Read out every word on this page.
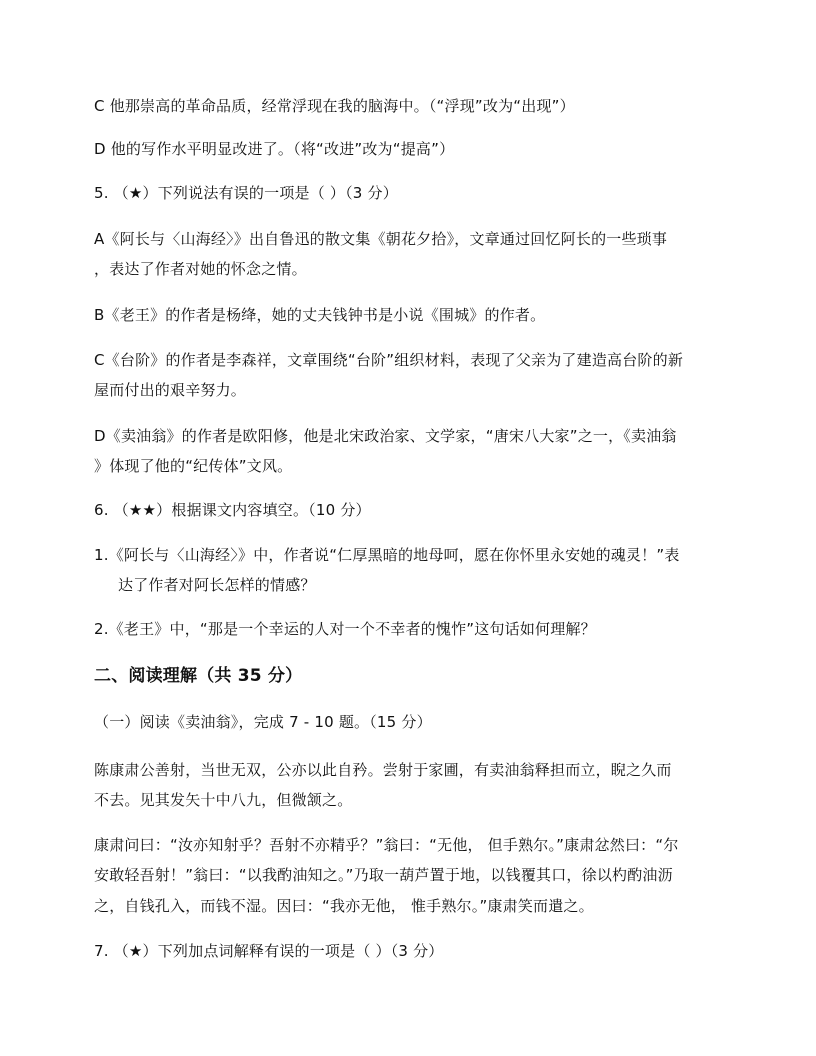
C 他那崇高的革命品质，经常浮现在我的脑海中。（“浮现”改为“出现”）
D 他的写作水平明显改进了。（将“改进”改为“提高”）
5. （★）下列说法有误的一项是（ ）（3 分）
A《阿长与〈山海经〉》出自鲁迅的散文集《朝花夕拾》，文章通过回忆阿长的一些琐事
，表达了作者对她的怀念之情。
B《老王》的作者是杨绛，她的丈夫钱钟书是小说《围城》的作者。
C《台阶》的作者是李森祥，文章围绕“台阶”组织材料，表现了父亲为了建造高台阶的新
屋而付出的艰辛努力。
D《卖油翁》的作者是欧阳修，他是北宋政治家、文学家，“唐宋八大家”之一，《卖油翁
》体现了他的“纪传体”文风。
6. （★★）根据课文内容填空。（10 分）
1.《阿长与〈山海经〉》中，作者说“仁厚黑暗的地母呵，愿在你怀里永安她的魂灵！”表
达了作者对阿长怎样的情感？
2.《老王》中，“那是一个幸运的人对一个不幸者的愧怍”这句话如何理解？
二、阅读理解（共 35 分）
（一）阅读《卖油翁》，完成 7 - 10 题。（15 分）
陈康肃公善射，当世无双，公亦以此自矜。尝射于家圃，有卖油翁释担而立，睨之久而
不去。见其发矢十中八九，但微颔之。
康肃问曰：“汝亦知射乎？吾射不亦精乎？”翁曰：“无他， 但手熟尔。”康肃忿然曰：“尔
安敢轻吾射！”翁曰：“以我酌油知之。”乃取一葫芦置于地，以钱覆其口，徐以杓酌油沥
之，自钱孔入，而钱不湿。因曰：“我亦无他， 惟手熟尔。”康肃笑而遣之。
7. （★）下列加点词解释有误的一项是（ ）（3 分）
